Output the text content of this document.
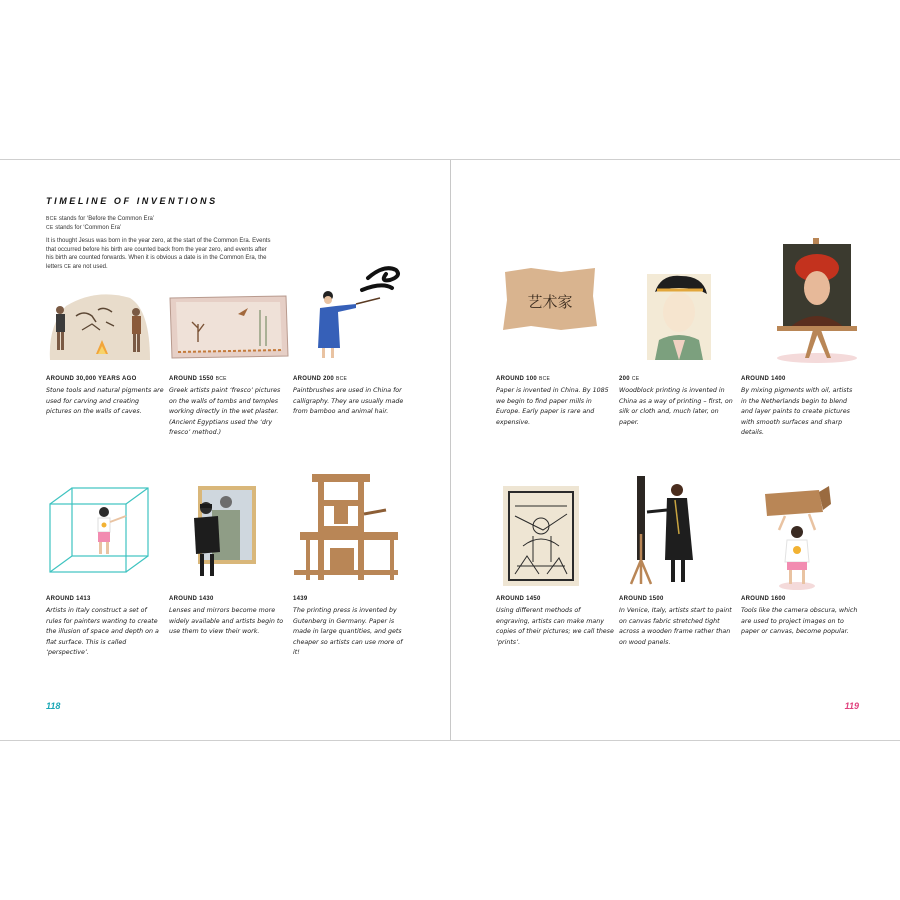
TIMELINE OF INVENTIONS
BCE stands for ‘Before the Common Era’
CE stands for ‘Common Era’
It is thought Jesus was born in the year zero, at the start of the Common Era. Events that occurred before his birth are counted back from the year zero, and events after his birth are counted forwards. When it is obvious a date is in the Common Era, the letters CE are not used.
AROUND 30,000 YEARS AGO
Stone tools and natural pigments are used for carving and creating pictures on the walls of caves.
AROUND 1550 BCE
Greek artists paint ‘fresco’ pictures on the walls of tombs and temples working directly in the wet plaster. (Ancient Egyptians used the ‘dry fresco’ method.)
AROUND 200 BCE
Paintbrushes are used in China for calligraphy. They are usually made from bamboo and animal hair.
AROUND 1413
Artists in Italy construct a set of rules for painters wanting to create the illusion of space and depth on a flat surface. This is called ‘perspective’.
AROUND 1430
Lenses and mirrors become more widely available and artists begin to use them to view their work.
1439
The printing press is invented by Gutenberg in Germany. Paper is made in large quantities, and gets cheaper so artists can use more of it!
118
艺术家
AROUND 100 BCE
Paper is invented in China. By 1085 we begin to find paper mills in Europe. Early paper is rare and expensive.
200 CE
Woodblock printing is invented in China as a way of printing – first, on silk or cloth and, much later, on paper.
AROUND 1400
By mixing pigments with oil, artists in the Netherlands begin to blend and layer paints to create pictures with smooth surfaces and sharp details.
AROUND 1450
Using different methods of engraving, artists can make many copies of their pictures; we call these ‘prints’.
AROUND 1500
In Venice, Italy, artists start to paint on canvas fabric stretched tight across a wooden frame rather than on wood panels.
AROUND 1600
Tools like the camera obscura, which are used to project images on to paper or canvas, become popular.
119
